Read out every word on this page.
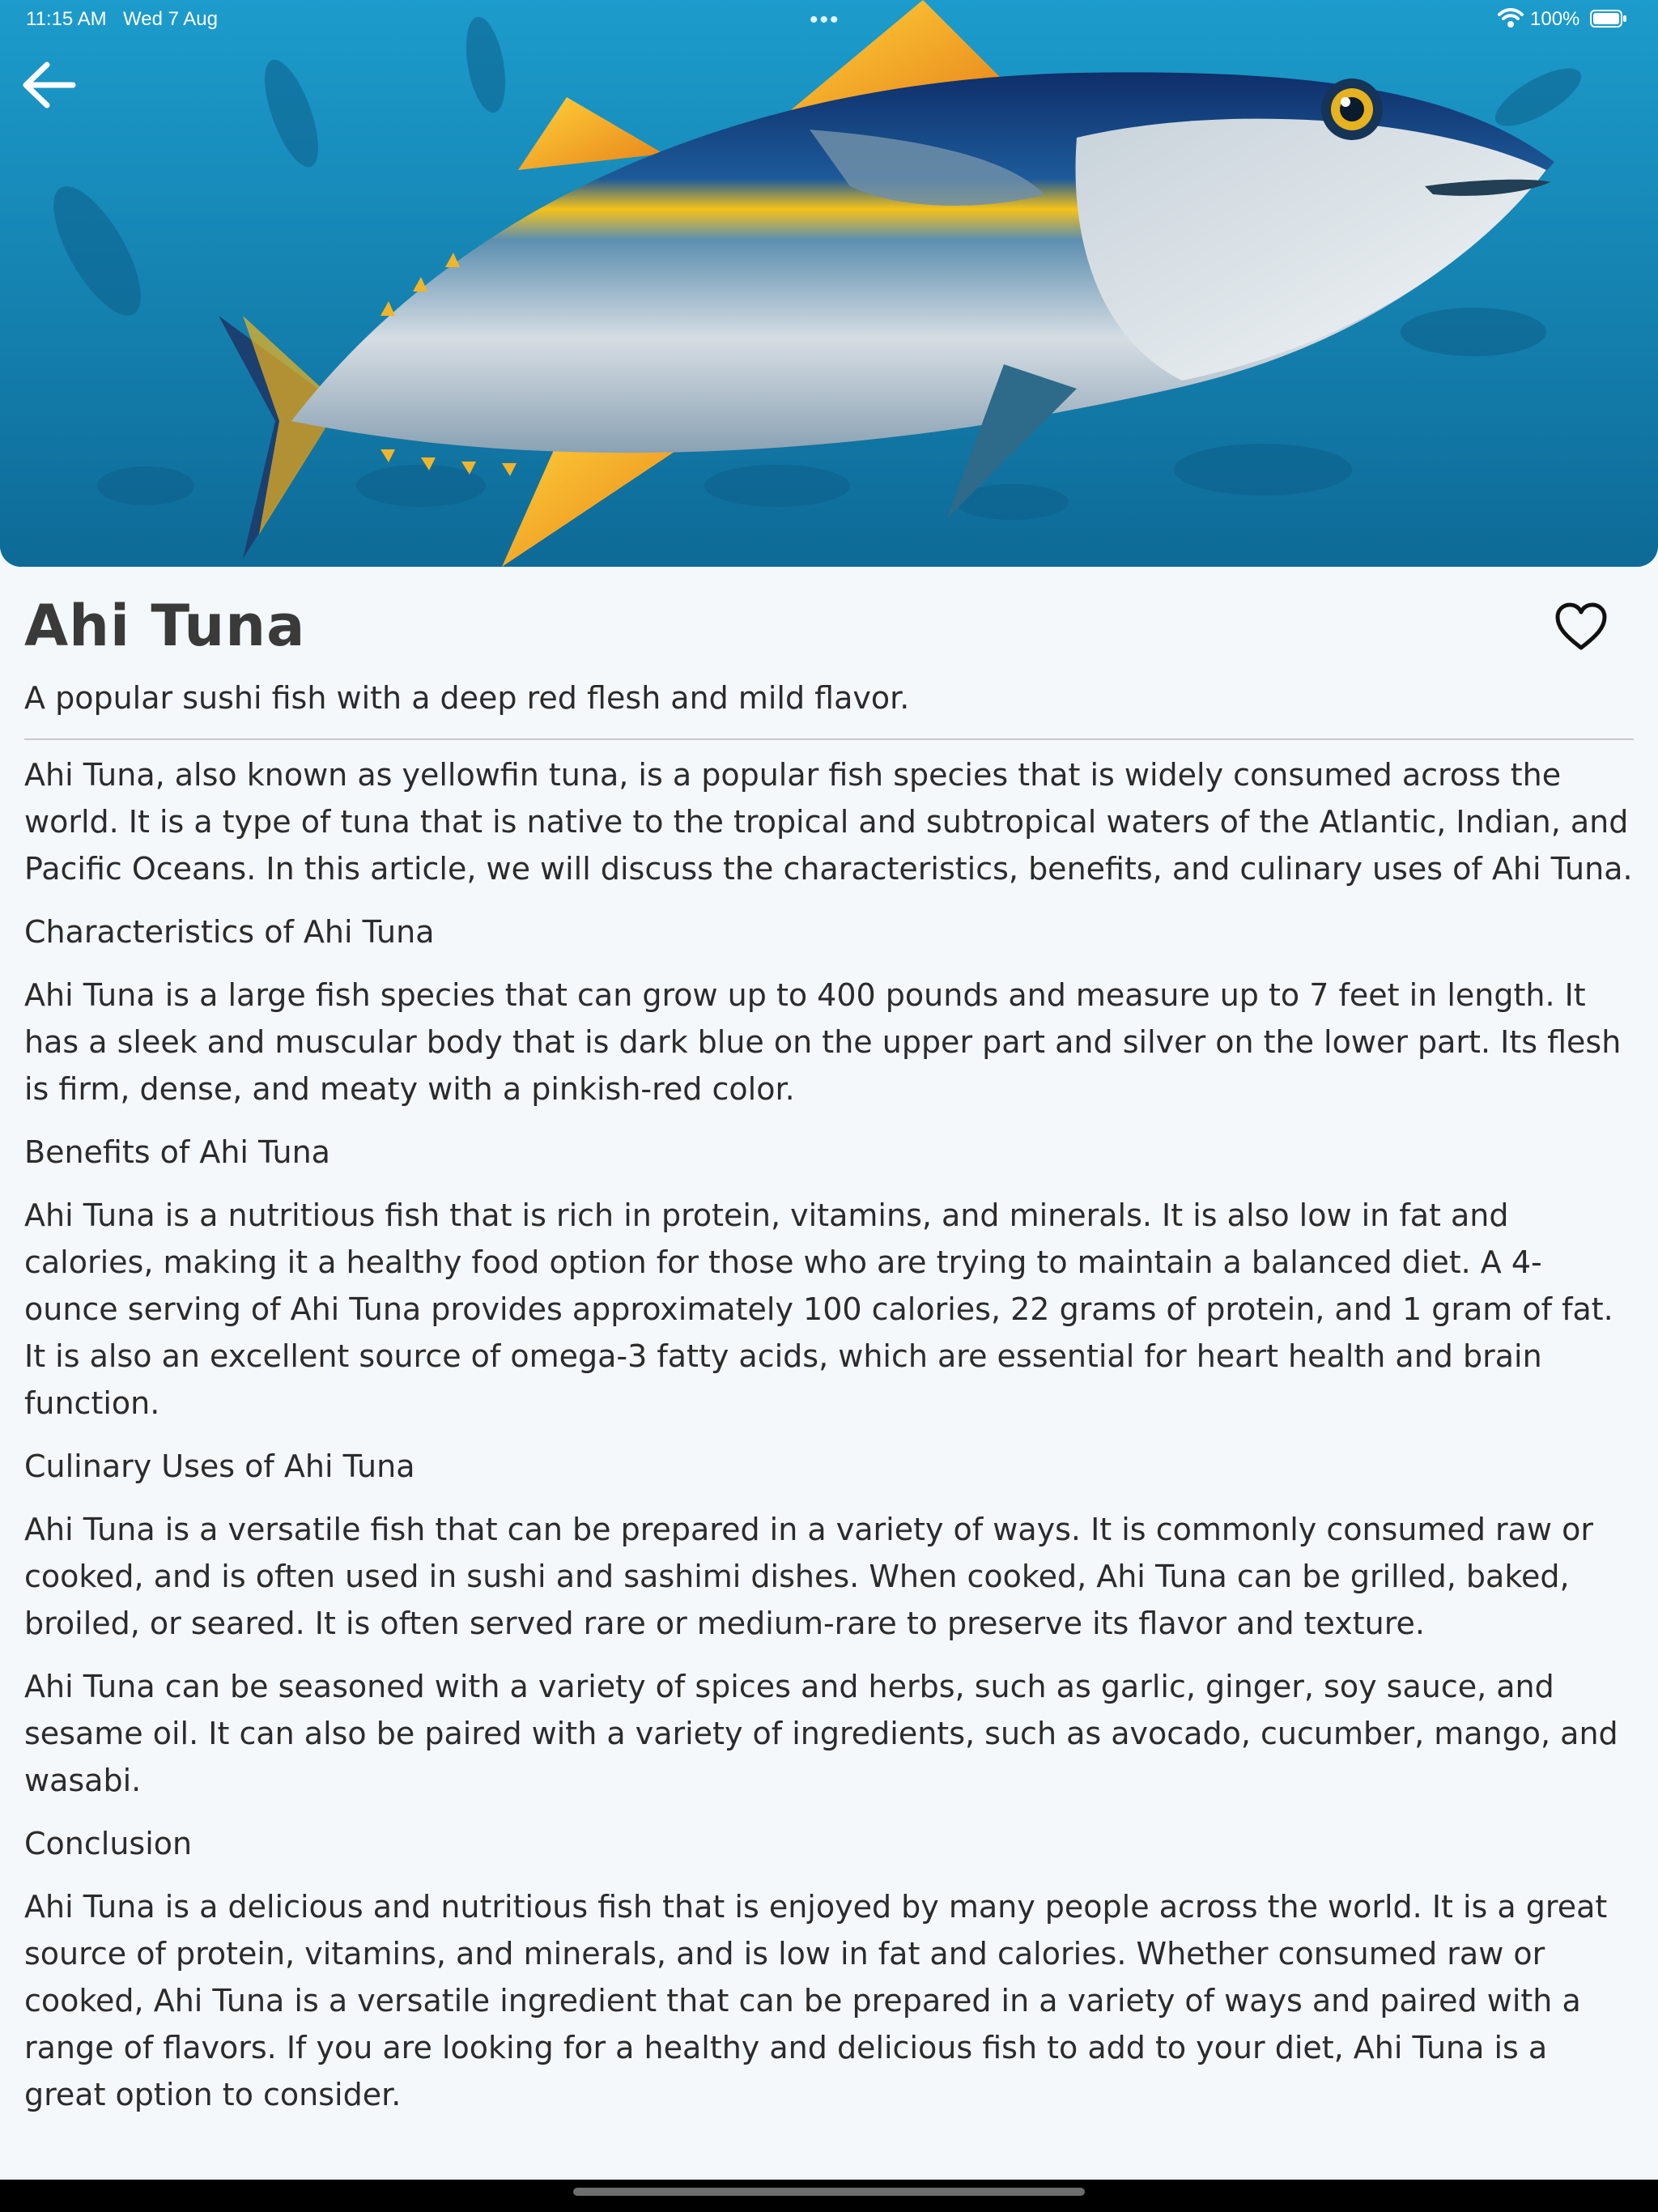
11:15 AM Wed 7 Aug	•••	100%
Ahi Tuna

A popular sushi fish with a deep red flesh and mild flavor.

Ahi Tuna, also known as yellowfin tuna, is a popular fish species that is widely consumed across the world. It is a type of tuna that is native to the tropical and subtropical waters of the Atlantic, Indian, and Pacific Oceans. In this article, we will discuss the characteristics, benefits, and culinary uses of Ahi Tuna.

Characteristics of Ahi Tuna

Ahi Tuna is a large fish species that can grow up to 400 pounds and measure up to 7 feet in length. It has a sleek and muscular body that is dark blue on the upper part and silver on the lower part. Its flesh is firm, dense, and meaty with a pinkish-red color.

Benefits of Ahi Tuna

Ahi Tuna is a nutritious fish that is rich in protein, vitamins, and minerals. It is also low in fat and calories, making it a healthy food option for those who are trying to maintain a balanced diet. A 4-ounce serving of Ahi Tuna provides approximately 100 calories, 22 grams of protein, and 1 gram of fat. It is also an excellent source of omega-3 fatty acids, which are essential for heart health and brain function.

Culinary Uses of Ahi Tuna

Ahi Tuna is a versatile fish that can be prepared in a variety of ways. It is commonly consumed raw or cooked, and is often used in sushi and sashimi dishes. When cooked, Ahi Tuna can be grilled, baked, broiled, or seared. It is often served rare or medium-rare to preserve its flavor and texture.

Ahi Tuna can be seasoned with a variety of spices and herbs, such as garlic, ginger, soy sauce, and sesame oil. It can also be paired with a variety of ingredients, such as avocado, cucumber, mango, and wasabi.

Conclusion

Ahi Tuna is a delicious and nutritious fish that is enjoyed by many people across the world. It is a great source of protein, vitamins, and minerals, and is low in fat and calories. Whether consumed raw or cooked, Ahi Tuna is a versatile ingredient that can be prepared in a variety of ways and paired with a range of flavors. If you are looking for a healthy and delicious fish to add to your diet, Ahi Tuna is a great option to consider.
